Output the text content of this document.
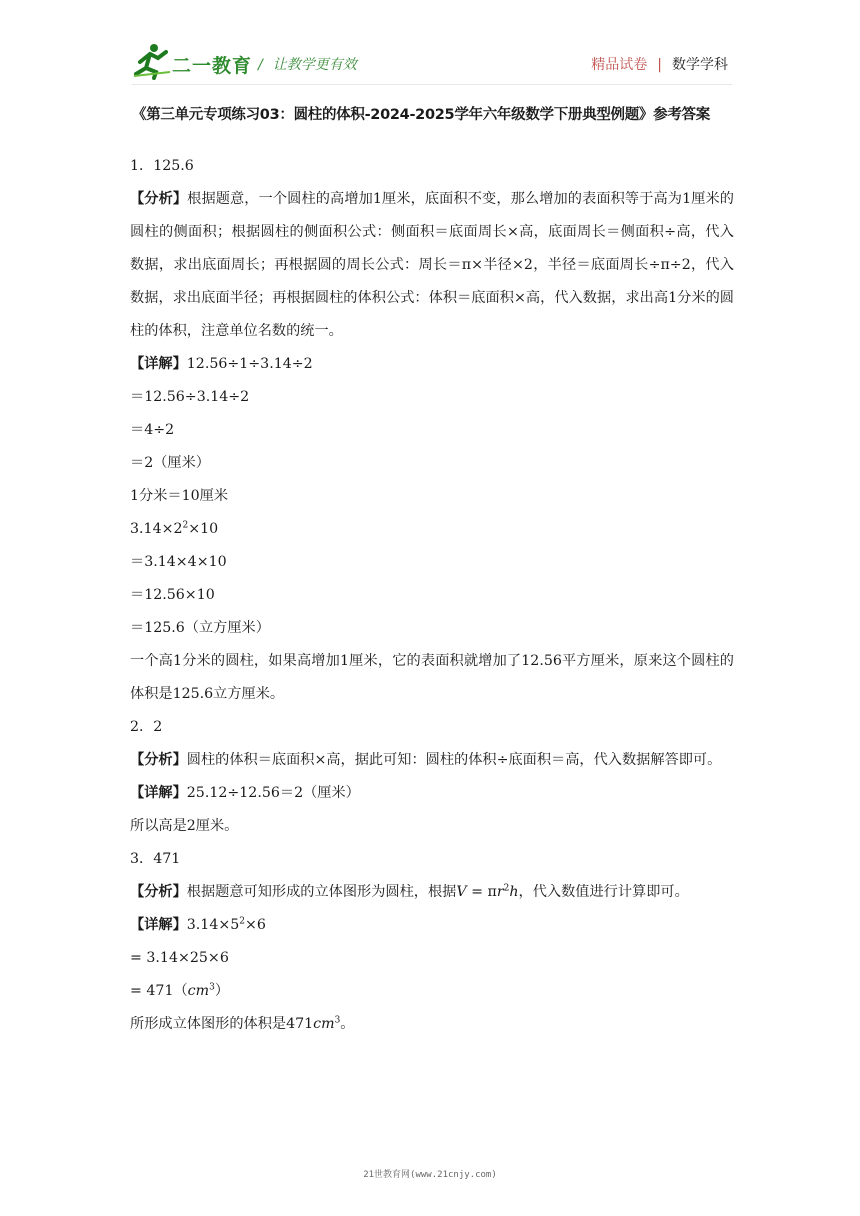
二一教育 / 让教学更有效	精品试卷 | 数学学科
《第三单元专项练习03：圆柱的体积-2024-2025学年六年级数学下册典型例题》参考答案

1．125.6

【分析】根据题意，一个圆柱的高增加1厘米，底面积不变，那么增加的表面积等于高为1厘米的圆柱的侧面积；根据圆柱的侧面积公式：侧面积＝底面周长×高，底面周长＝侧面积÷高，代入数据，求出底面周长；再根据圆的周长公式：周长＝π×半径×2，半径＝底面周长÷π÷2，代入数据，求出底面半径；再根据圆柱的体积公式：体积＝底面积×高，代入数据，求出高1分米的圆柱的体积，注意单位名数的统一。

【详解】12.56÷1÷3.14÷2

＝12.56÷3.14÷2

＝4÷2

＝2（厘米）

1分米＝10厘米

$3.14\times 2^2\times 10$

＝3.14×4×10

＝12.56×10

＝125.6（立方厘米）

一个高1分米的圆柱，如果高增加1厘米，它的表面积就增加了12.56平方厘米，原来这个圆柱的体积是125.6立方厘米。

2．2

【分析】圆柱的体积＝底面积×高，据此可知：圆柱的体积÷底面积＝高，代入数据解答即可。

【详解】25.12÷12.56＝2（厘米）

所以高是2厘米。

3．471

【分析】根据题意可知形成的立体图形为圆柱，根据$V = \pi r^2h$，代入数值进行计算即可。

【详解】$3.14\times 5^2\times 6$

= 3.14×25×6

= $471(cm^3)$

所形成立体图形的体积是$471cm^3$。

21世教育网(www.21cnjy.com)
